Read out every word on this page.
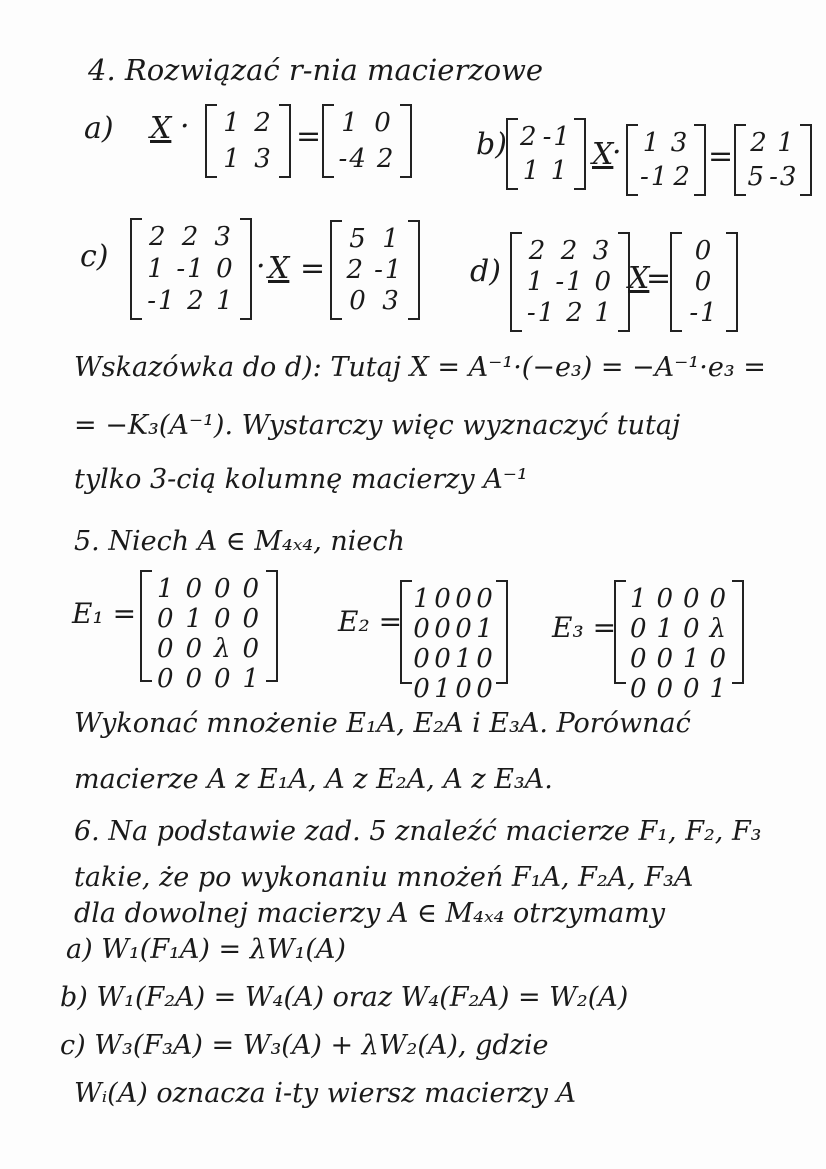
4. Rozwiązać r-nia macierzowe
a) X · 1 2
1 3
= 1 0
-4 2	b) 2 -1
1 1 X
· 1 3
-1 2
= 2 1
5 -3
c)
2 2 3
1 -1 0
-1 2 1
· X =
5 1
2 -1
0 3
d)
2 2 3
1 -1 0
-1 2 1
X
=
0
0
-1
Wskazówka do d): Tutaj X = A⁻¹·(−e₃) = −A⁻¹·e₃ =
= −K₃(A⁻¹). Wystarczy więc wyznaczyć tutaj
tylko 3-cią kolumnę macierzy A⁻¹
5. Niech A ∈ M₄ₓ₄, niech
E₁ =
1 0 0 0
0 1 0 0
0 0 λ 0
0 0 0 1
E₂ =
1 0 0 0
0 0 0 1
0 0 1 0
0 1 0 0
E₃ =
1 0 0 0
0 1 0 λ
0 0 1 0
0 0 0 1
Wykonać mnożenie E₁A, E₂A i E₃A. Porównać
macierze A z E₁A, A z E₂A, A z E₃A.
6. Na podstawie zad. 5 znaleźć macierze F₁, F₂, F₃
takie, że po wykonaniu mnożeń F₁A, F₂A, F₃A
dla dowolnej macierzy A ∈ M₄ₓ₄ otrzymamy
a) W₁(F₁A) = λW₁(A)
b) W₁(F₂A) = W₄(A) oraz W₄(F₂A) = W₂(A)
c) W₃(F₃A) = W₃(A) + λW₂(A), gdzie
Wᵢ(A) oznacza i-ty wiersz macierzy A
